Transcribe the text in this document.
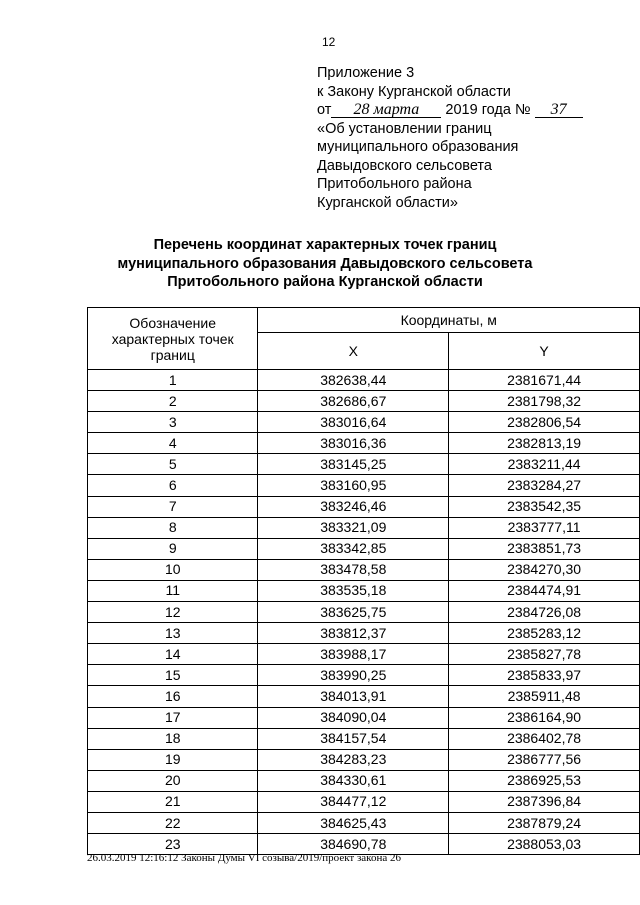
12
Приложение 3
к Закону Курганской области
от 28 марта 2019 года № 37
«Об установлении границ
муниципального образования
Давыдовского сельсовета
Притобольного района
Курганской области»
Перечень координат характерных точек границ
муниципального образования Давыдовского сельсовета
Притобольного района Курганской области
Обозначение характерных точек границ	Координаты, м	
	X	Y
1	382638,44	2381671,44
2	382686,67	2381798,32
3	383016,64	2382806,54
4	383016,36	2382813,19
5	383145,25	2383211,44
6	383160,95	2383284,27
7	383246,46	2383542,35
8	383321,09	2383777,11
9	383342,85	2383851,73
10	383478,58	2384270,30
11	383535,18	2384474,91
12	383625,75	2384726,08
13	383812,37	2385283,12
14	383988,17	2385827,78
15	383990,25	2385833,97
16	384013,91	2385911,48
17	384090,04	2386164,90
18	384157,54	2386402,78
19	384283,23	2386777,56
20	384330,61	2386925,53
21	384477,12	2387396,84
22	384625,43	2387879,24
23	384690,78	2388053,03
26.03.2019 12:16:12 Законы Думы VI созыва/2019/проект закона 26
